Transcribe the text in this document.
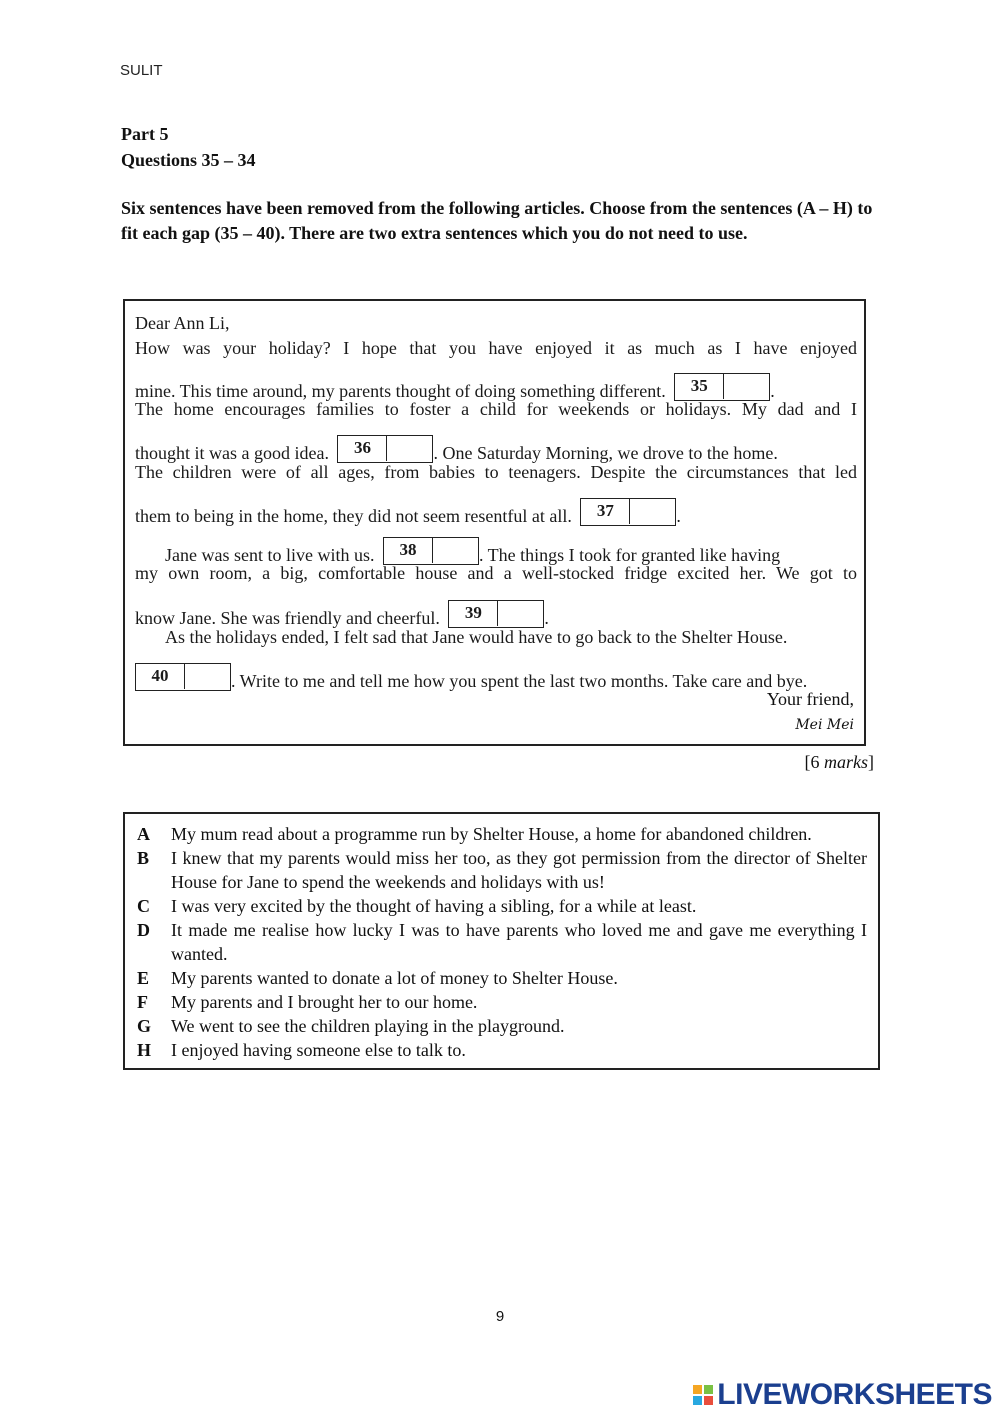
SULIT
Part 5
Questions 35 – 34
Six sentences have been removed from the following articles. Choose from the sentences (A – H) to fit each gap (35 – 40). There are two extra sentences which you do not need to use.
Dear Ann Li,
How was your holiday? I hope that you have enjoyed it as much as I have enjoyed
mine. This time around, my parents thought of doing something different.	35	.
The home encourages families to foster a child for weekends or holidays. My dad and I
thought it was a good idea.	36	. One Saturday Morning, we drove to the home.
The children were of all ages, from babies to teenagers. Despite the circumstances that led
them to being in the home, they did not seem resentful at all.	37	.
Jane was sent to live with us.	38	. The things I took for granted like having
my own room, a big, comfortable house and a well-stocked fridge excited her. We got to
know Jane. She was friendly and cheerful.	39	.
As the holidays ended, I felt sad that Jane would have to go back to the Shelter House.
40	. Write to me and tell me how you spent the last two months. Take care and bye.
Your friend,
Mei Mei
[6 marks]
A	My mum read about a programme run by Shelter House, a home for abandoned children.
B	I knew that my parents would miss her too, as they got permission from the director of Shelter House for Jane to spend the weekends and holidays with us!
C	I was very excited by the thought of having a sibling, for a while at least.
D	It made me realise how lucky I was to have parents who loved me and gave me everything I wanted.
E	My parents wanted to donate a lot of money to Shelter House.
F	My parents and I brought her to our home.
G	We went to see the children playing in the playground.
H	I enjoyed having someone else to talk to.
9
LIVEWORKSHEETS
